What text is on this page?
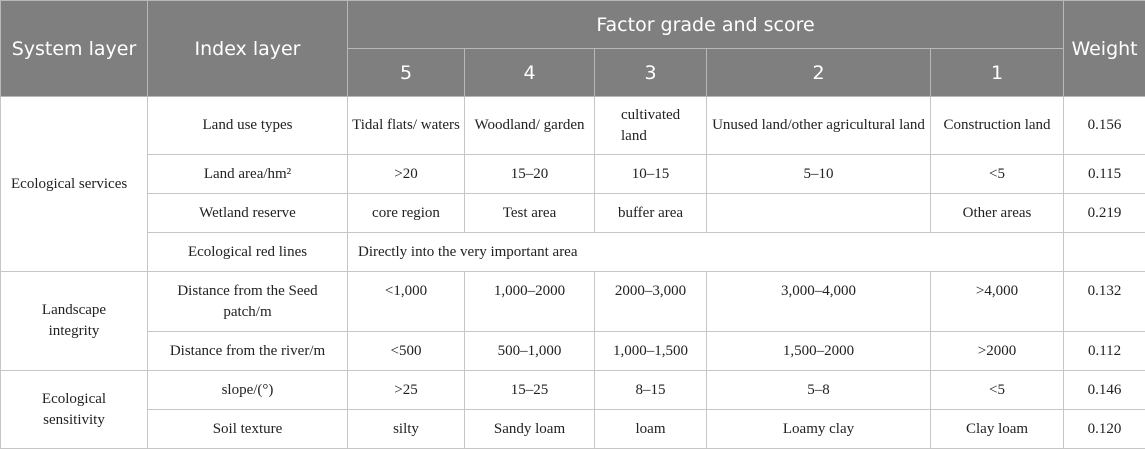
System layer	Index layer	Factor grade and score					Weight
		5	4	3	2	1	
Ecological services	Land use types	Tidal flats/ waters	Woodland/ garden	cultivated land	Unused land/other agricultural land	Construction land	0.156
	Land area/hm²	>20	15–20	10–15	5–10	<5	0.115
	Wetland reserve	core region	Test area	buffer area		Other areas	0.219
	Ecological red lines	Directly into the very important area					
Landscape integrity	Distance from the Seed patch/m	<1,000	1,000–2000	2000–3,000	3,000–4,000	>4,000	0.132
	Distance from the river/m	<500	500–1,000	1,000–1,500	1,500–2000	>2000	0.112
Ecological sensitivity	slope/(°)	>25	15–25	8–15	5–8	<5	0.146
	Soil texture	silty	Sandy loam	loam	Loamy clay	Clay loam	0.120
